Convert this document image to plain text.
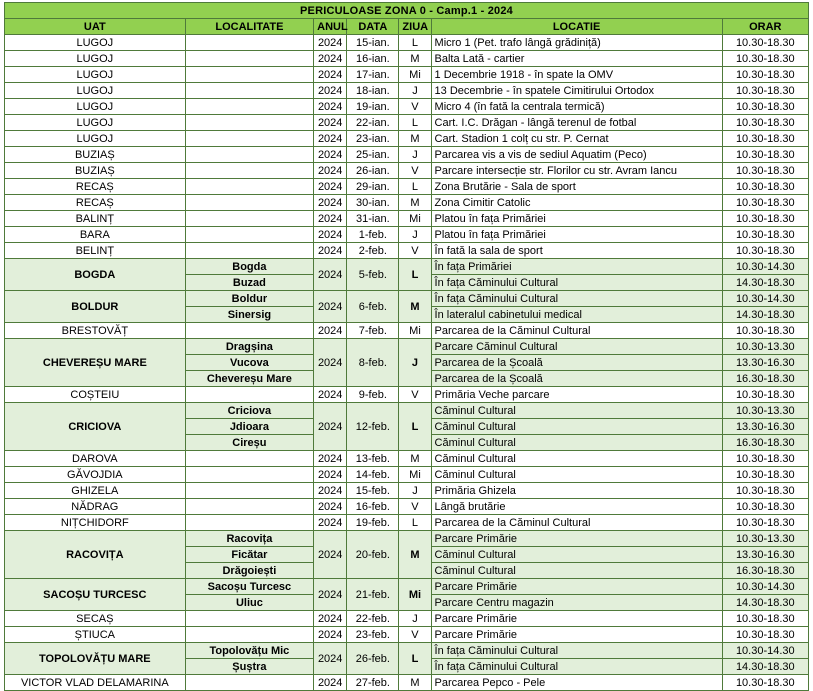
PERICULOASE ZONA 0 - Camp.1 - 2024						
UAT	LOCALITATE	ANUL	DATA	ZIUA	LOCATIE	ORAR
LUGOJ		2024	15-ian.	L	Micro 1 (Pet. trafo lângă grădiniță)	10.30-18.30
LUGOJ		2024	16-ian.	M	Balta Lată - cartier	10.30-18.30
LUGOJ		2024	17-ian.	Mi	1 Decembrie 1918 - în spate la OMV	10.30-18.30
LUGOJ		2024	18-ian.	J	13 Decembrie - în spatele Cimitirului Ortodox	10.30-18.30
LUGOJ		2024	19-ian.	V	Micro 4 (în fată la centrala termică)	10.30-18.30
LUGOJ		2024	22-ian.	L	Cart. I.C. Drăgan - lângă terenul de fotbal	10.30-18.30
LUGOJ		2024	23-ian.	M	Cart. Stadion 1 colț cu str. P. Cernat	10.30-18.30
BUZIAȘ		2024	25-ian.	J	Parcarea vis a vis de sediul Aquatim (Peco)	10.30-18.30
BUZIAȘ		2024	26-ian.	V	Parcare intersecție str. Florilor cu str. Avram Iancu	10.30-18.30
RECAȘ		2024	29-ian.	L	Zona Brutărie - Sala de sport	10.30-18.30
RECAȘ		2024	30-ian.	M	Zona Cimitir Catolic	10.30-18.30
BALINȚ		2024	31-ian.	Mi	Platou în fața Primăriei	10.30-18.30
BARA		2024	1-feb.	J	Platou în fața Primăriei	10.30-18.30
BELINȚ		2024	2-feb.	V	În fată la sala de sport	10.30-18.30
BOGDA	Bogda	2024	5-feb.	L	În fața Primăriei	10.30-14.30
	Buzad				În fața Căminului Cultural	14.30-18.30
BOLDUR	Boldur	2024	6-feb.	M	În fața Căminului Cultural	10.30-14.30
	Sinersig				În lateralul cabinetului medical	14.30-18.30
BRESTOVĂȚ		2024	7-feb.	Mi	Parcarea de la Căminul Cultural	10.30-18.30
CHEVEREȘU MARE	Dragșina	2024	8-feb.	J	Parcare Căminul Cultural	10.30-13.30
	Vucova				Parcarea de la Școală	13.30-16.30
	Chevereșu Mare				Parcarea de la Școală	16.30-18.30
COȘTEIU		2024	9-feb.	V	Primăria Veche parcare	10.30-18.30
CRICIOVA	Criciova	2024	12-feb.	L	Căminul Cultural	10.30-13.30
	Jdioara				Căminul Cultural	13.30-16.30
	Cireșu				Căminul Cultural	16.30-18.30
DAROVA		2024	13-feb.	M	Căminul Cultural	10.30-18.30
GĂVOJDIA		2024	14-feb.	Mi	Căminul Cultural	10.30-18.30
GHIZELA		2024	15-feb.	J	Primăria Ghizela	10.30-18.30
NĂDRAG		2024	16-feb.	V	Lângă brutărie	10.30-18.30
NIȚCHIDORF		2024	19-feb.	L	Parcarea de la Căminul Cultural	10.30-18.30
RACOVIȚA	Racovița	2024	20-feb.	M	Parcare Primărie	10.30-13.30
	Ficătar				Căminul Cultural	13.30-16.30
	Drăgoiești				Căminul Cultural	16.30-18.30
SACOȘU TURCESC	Sacoșu Turcesc	2024	21-feb.	Mi	Parcare Primărie	10.30-14.30
	Uliuc				Parcare Centru magazin	14.30-18.30
SECAȘ		2024	22-feb.	J	Parcare Primărie	10.30-18.30
ȘTIUCA		2024	23-feb.	V	Parcare Primărie	10.30-18.30
TOPOLOVĂȚU MARE	Topolovățu Mic	2024	26-feb.	L	În fața Căminului Cultural	10.30-14.30
	Șuștra				În fața Căminului Cultural	14.30-18.30
VICTOR VLAD DELAMARINA		2024	27-feb.	M	Parcarea Pepco - Pele	10.30-18.30
